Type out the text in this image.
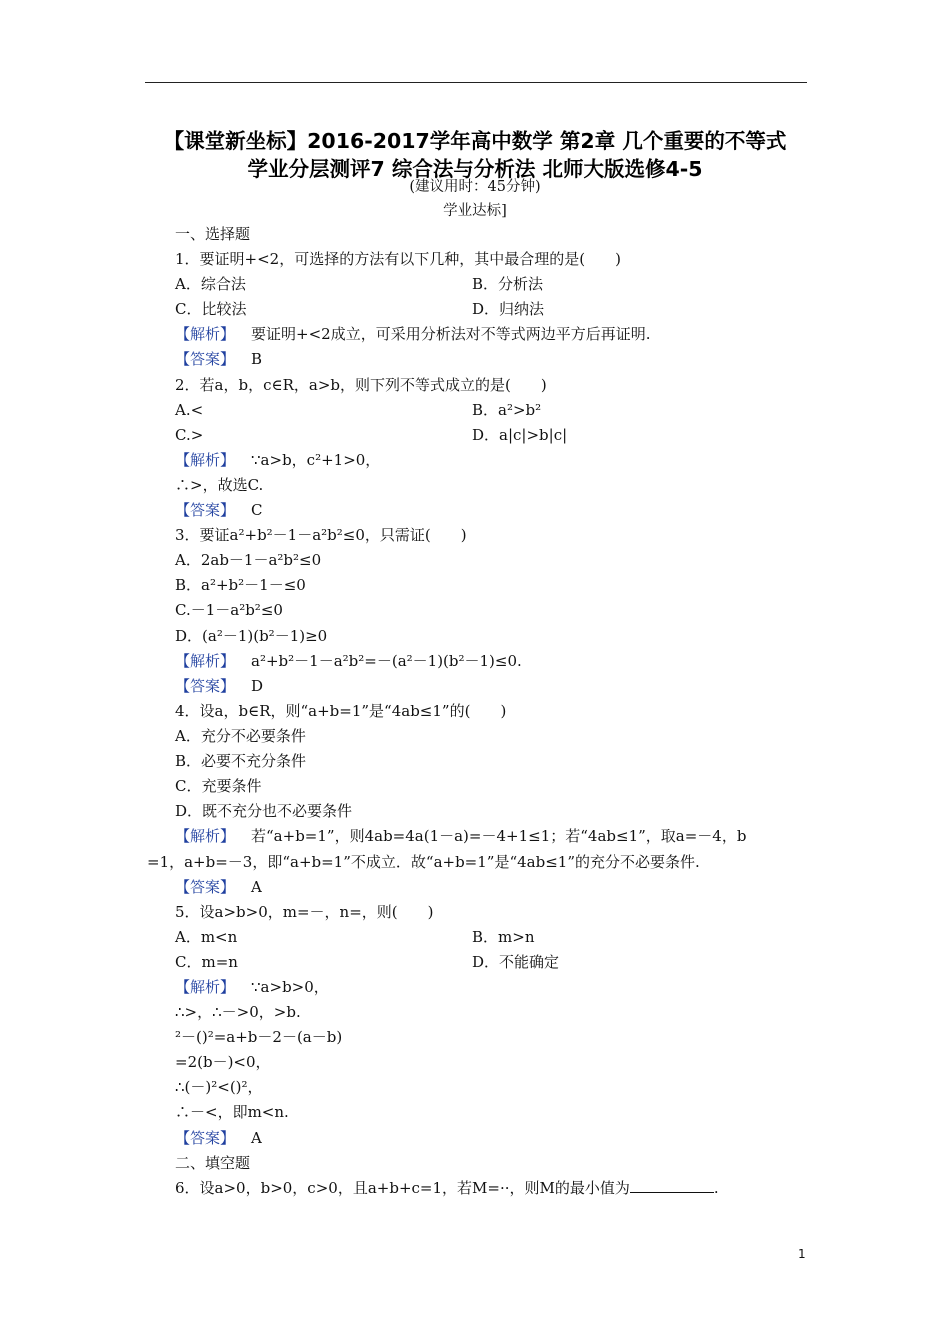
【课堂新坐标】2016-2017学年高中数学 第2章 几个重要的不等式
学业分层测评7 综合法与分析法 北师大版选修4-5
(建议用时：45分钟)
学业达标]
一、选择题
1．要证明+<2，可选择的方法有以下几种，其中最合理的是(　　)
A．综合法	B．分析法
C．比较法	D．归纳法
【解析】 要证明+<2成立，可采用分析法对不等式两边平方后再证明.
【答案】 B
2．若a，b，c∈R，a>b，则下列不等式成立的是(　　)
A.<	B．a²>b²
C.>	D．a|c|>b|c|
【解析】 ∵a>b，c²+1>0，
∴>，故选C.
【答案】 C
3．要证a²+b²－1－a²b²≤0，只需证(　　)
A．2ab－1－a²b²≤0
B．a²+b²－1－≤0
C.－1－a²b²≤0
D．(a²－1)(b²－1)≥0
【解析】 a²+b²－1－a²b²=－(a²－1)(b²－1)≤0.
【答案】 D
4．设a，b∈R，则“a+b=1”是“4ab≤1”的(　　)
A．充分不必要条件
B．必要不充分条件
C．充要条件
D．既不充分也不必要条件
【解析】 若“a+b=1”，则4ab=4a(1－a)=－4+1≤1；若“4ab≤1”，取a=－4，b
=1，a+b=－3，即“a+b=1”不成立．故“a+b=1”是“4ab≤1”的充分不必要条件.
【答案】 A
5．设a>b>0，m=－，n=，则(　　)
A．m<n	B．m>n
C．m=n	D．不能确定
【解析】 ∵a>b>0，
∴>，∴－>0，>b.
²－()²=a+b－2－(a－b)
=2(b－)<0，
∴(－)²<()²，
∴－<，即m<n.
【答案】 A
二、填空题
6．设a>0，b>0，c>0，且a+b+c=1，若M=··，则M的最小值为	.
1
